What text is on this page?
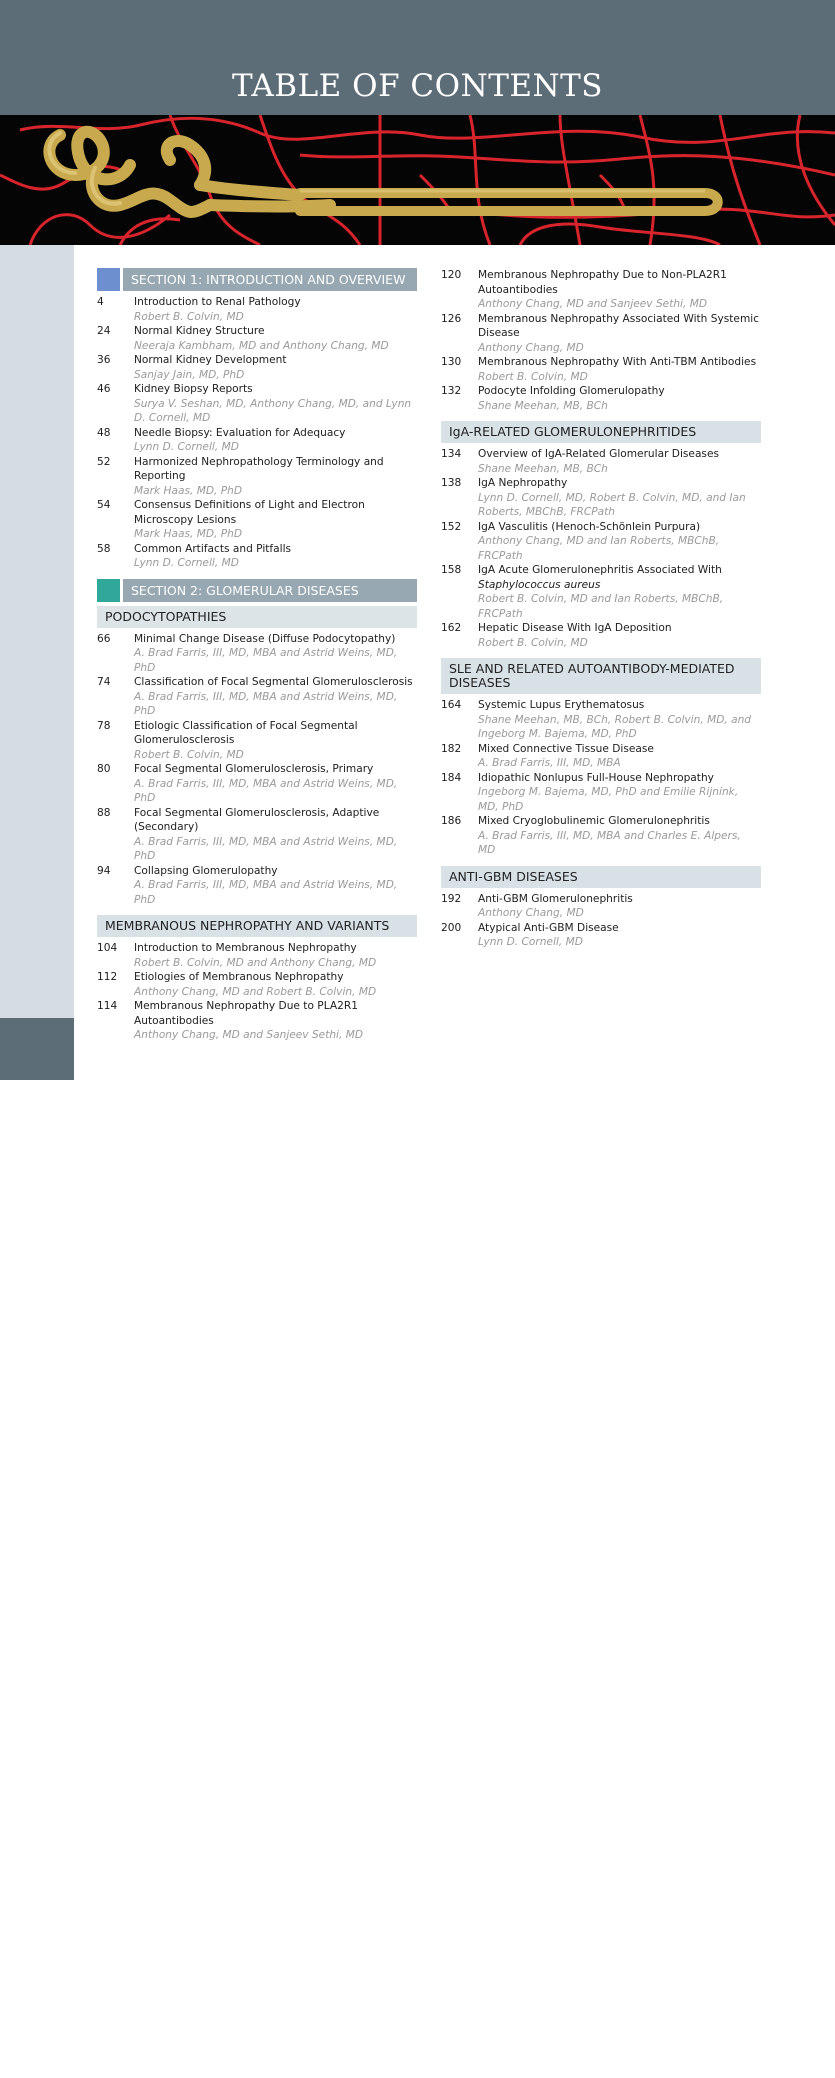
TABLE OF CONTENTS
xvi
SECTION 1: INTRODUCTION AND OVERVIEW
4	Introduction to Renal Pathology
Robert B. Colvin, MD
24	Normal Kidney Structure
Neeraja Kambham, MD and Anthony Chang, MD
36	Normal Kidney Development
Sanjay Jain, MD, PhD
46	Kidney Biopsy Reports
Surya V. Seshan, MD, Anthony Chang, MD, and Lynn D. Cornell, MD
48	Needle Biopsy: Evaluation for Adequacy
Lynn D. Cornell, MD
52	Harmonized Nephropathology Terminology and Reporting
Mark Haas, MD, PhD
54	Consensus Definitions of Light and Electron Microscopy Lesions
Mark Haas, MD, PhD
58	Common Artifacts and Pitfalls
Lynn D. Cornell, MD
SECTION 2: GLOMERULAR DISEASES
PODOCYTOPATHIES
66	Minimal Change Disease (Diffuse Podocytopathy)
A. Brad Farris, III, MD, MBA and Astrid Weins, MD, PhD
74	Classification of Focal Segmental Glomerulosclerosis
A. Brad Farris, III, MD, MBA and Astrid Weins, MD, PhD
78	Etiologic Classification of Focal Segmental Glomerulosclerosis
Robert B. Colvin, MD
80	Focal Segmental Glomerulosclerosis, Primary
A. Brad Farris, III, MD, MBA and Astrid Weins, MD, PhD
88	Focal Segmental Glomerulosclerosis, Adaptive (Secondary)
A. Brad Farris, III, MD, MBA and Astrid Weins, MD, PhD
94	Collapsing Glomerulopathy
A. Brad Farris, III, MD, MBA and Astrid Weins, MD, PhD
MEMBRANOUS NEPHROPATHY AND VARIANTS
104	Introduction to Membranous Nephropathy
Robert B. Colvin, MD and Anthony Chang, MD
112	Etiologies of Membranous Nephropathy
Anthony Chang, MD and Robert B. Colvin, MD
114	Membranous Nephropathy Due to PLA2R1 Autoantibodies
Anthony Chang, MD and Sanjeev Sethi, MD
120	Membranous Nephropathy Due to Non-PLA2R1 Autoantibodies
Anthony Chang, MD and Sanjeev Sethi, MD
126	Membranous Nephropathy Associated With Systemic Disease
Anthony Chang, MD
130	Membranous Nephropathy With Anti-TBM Antibodies
Robert B. Colvin, MD
132	Podocyte Infolding Glomerulopathy
Shane Meehan, MB, BCh
IgA-RELATED GLOMERULONEPHRITIDES
134	Overview of IgA-Related Glomerular Diseases
Shane Meehan, MB, BCh
138	IgA Nephropathy
Lynn D. Cornell, MD, Robert B. Colvin, MD, and Ian Roberts, MBChB, FRCPath
152	IgA Vasculitis (Henoch-Schönlein Purpura)
Anthony Chang, MD and Ian Roberts, MBChB, FRCPath
158	IgA Acute Glomerulonephritis Associated With Staphylococcus aureus
Robert B. Colvin, MD and Ian Roberts, MBChB, FRCPath
162	Hepatic Disease With IgA Deposition
Robert B. Colvin, MD
SLE AND RELATED AUTOANTIBODY-MEDIATED DISEASES
164	Systemic Lupus Erythematosus
Shane Meehan, MB, BCh, Robert B. Colvin, MD, and Ingeborg M. Bajema, MD, PhD
182	Mixed Connective Tissue Disease
A. Brad Farris, III, MD, MBA
184	Idiopathic Nonlupus Full-House Nephropathy
Ingeborg M. Bajema, MD, PhD and Emilie Rijnink, MD, PhD
186	Mixed Cryoglobulinemic Glomerulonephritis
A. Brad Farris, III, MD, MBA and Charles E. Alpers, MD
ANTI-GBM DISEASES
192	Anti-GBM Glomerulonephritis
Anthony Chang, MD
200	Atypical Anti-GBM Disease
Lynn D. Cornell, MD
